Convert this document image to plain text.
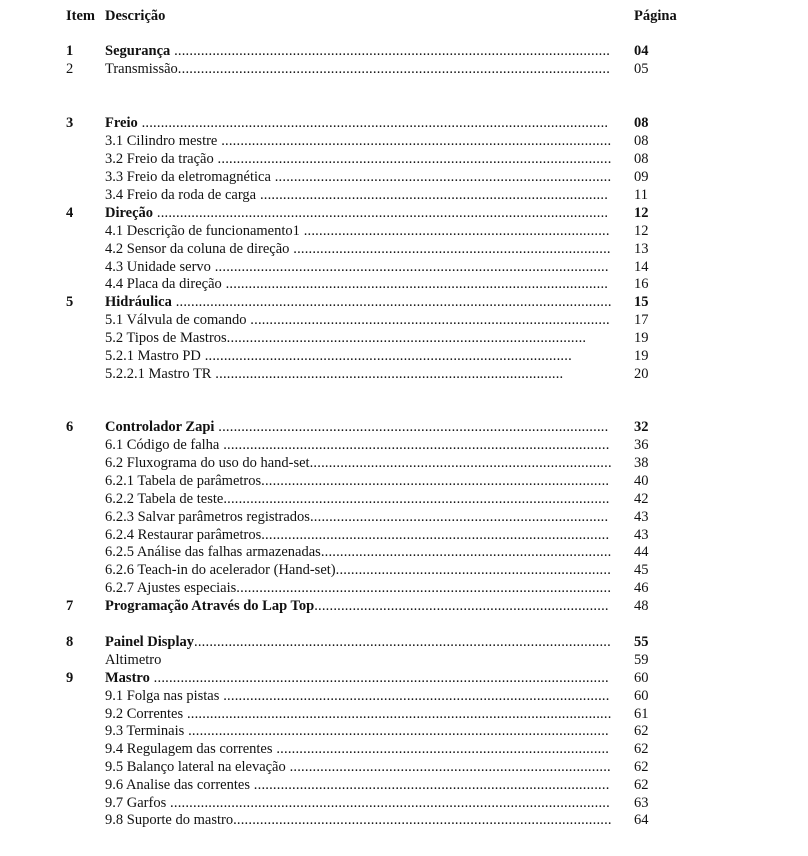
Item Descrição	Página
1 Segurança .................................................................................................................. 04
2 Transmissão................................................................................................................. 05
3 Freio .......................................................................................................................... 08
3.1 Cilindro mestre ...................................................................................................... 08
3.2 Freio da tração ....................................................................................................... 08
3.3 Freio da eletromagnética ........................................................................................ 09
3.4 Freio da roda de carga ........................................................................................... 11
4 Direção ...................................................................................................................... 12
4.1 Descrição de funcionamento1 ................................................................................ 12
4.2 Sensor da coluna de direção ................................................................................... 13
4.3 Unidade servo ....................................................................................................... 14
4.4 Placa da direção .................................................................................................... 16
5 Hidráulica .................................................................................................................. 15
5.1 Válvula de comando .............................................................................................. 17
5.2 Tipos de Mastros..............................................................................................	19
5.2.1 Mastro PD ................................................................................................	19
5.2.2.1 Mastro TR ...........................................................................................	20
6 Controlador Zapi ...................................................................................................... 32
6.1 Código de falha ..................................................................................................... 36
6.2 Fluxograma do uso do hand-set............................................................................... 38
6.2.1 Tabela de parâmetros........................................................................................... 40
6.2.2 Tabela de teste..................................................................................................... 42
6.2.3 Salvar parâmetros registrados.............................................................................. 43
6.2.4 Restaurar parâmetros........................................................................................... 43
6.2.5 Análise das falhas armazenadas............................................................................ 44
6.2.6 Teach-in do acelerador (Hand-set)........................................................................ 45
6.2.7 Ajustes especiais.................................................................................................. 46
7 Programação Através do Lap Top............................................................................. 48
8 Painel Display............................................................................................................. 55
Altimetro	59
9 Mastro ....................................................................................................................... 60
9.1 Folga nas pistas ..................................................................................................... 60
9.2 Correntes ............................................................................................................... 61
9.3 Terminais .............................................................................................................. 62
9.4 Regulagem das correntes ....................................................................................... 62
9.5 Balanço lateral na elevação .................................................................................... 62
9.6 Analise das correntes ............................................................................................. 62
9.7 Garfos ................................................................................................................... 63
9.8 Suporte do mastro................................................................................................... 64
